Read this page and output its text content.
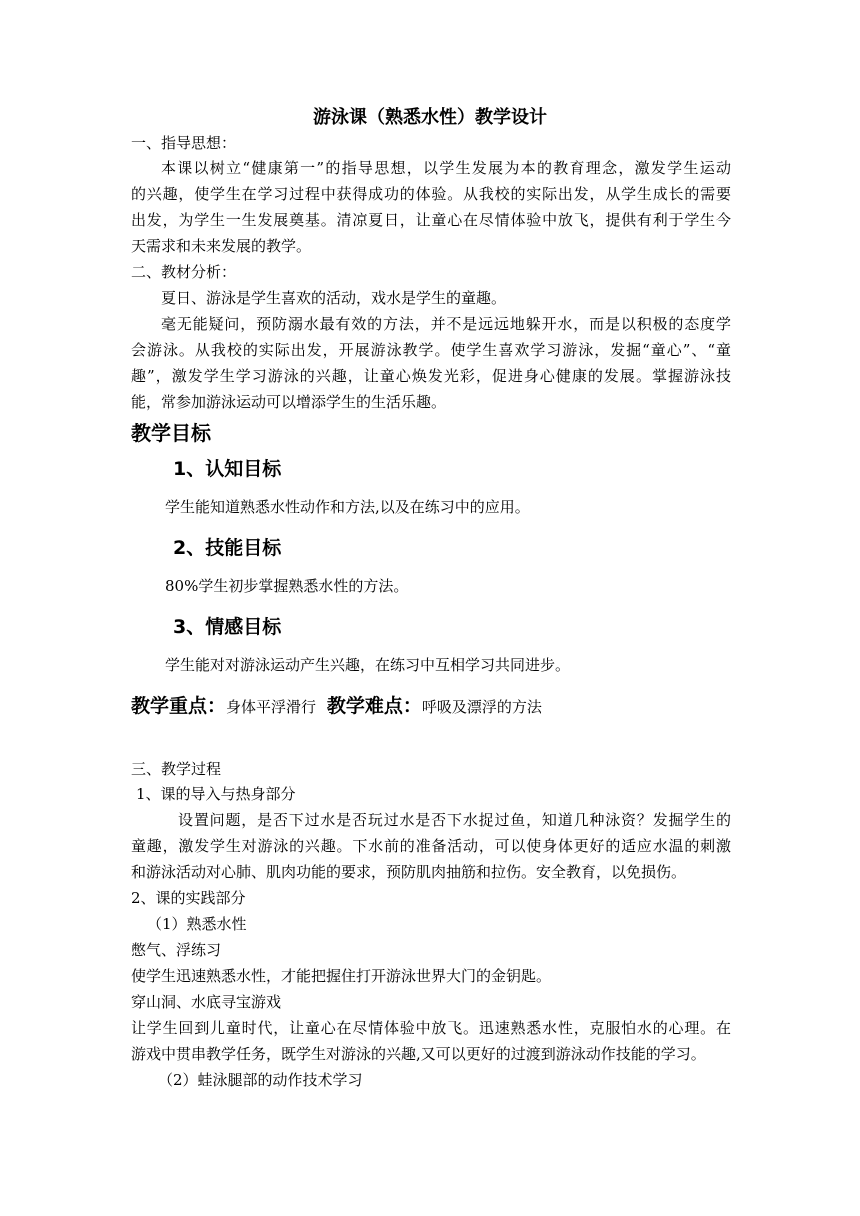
游泳课（熟悉水性）教学设计
一、指导思想：
本课以树立“健康第一”的指导思想，以学生发展为本的教育理念，激发学生运动
的兴趣，使学生在学习过程中获得成功的体验。从我校的实际出发，从学生成长的需要
出发，为学生一生发展奠基。清凉夏日，让童心在尽情体验中放飞，提供有利于学生今
天需求和未来发展的教学。
二、教材分析：
夏日、游泳是学生喜欢的活动，戏水是学生的童趣。
毫无能疑问，预防溺水最有效的方法，并不是远远地躲开水，而是以积极的态度学
会游泳。从我校的实际出发，开展游泳教学。使学生喜欢学习游泳，发掘“童心”、“童
趣”，激发学生学习游泳的兴趣，让童心焕发光彩，促进身心健康的发展。掌握游泳技
能，常参加游泳运动可以增添学生的生活乐趣。
教学目标
1、认知目标
学生能知道熟悉水性动作和方法,以及在练习中的应用。
2、技能目标
80%学生初步掌握熟悉水性的方法。
3、情感目标
学生能对对游泳运动产生兴趣，在练习中互相学习共同进步。
教学重点：身体平浮滑行 教学难点：呼吸及漂浮的方法
三、教学过程
1、课的导入与热身部分
设置问题，是否下过水是否玩过水是否下水捉过鱼，知道几种泳资？发掘学生的
童趣，激发学生对游泳的兴趣。下水前的准备活动，可以使身体更好的适应水温的刺激
和游泳活动对心肺、肌肉功能的要求，预防肌肉抽筋和拉伤。安全教育，以免损伤。
2、课的实践部分
（1）熟悉水性
憋气、浮练习
使学生迅速熟悉水性，才能把握住打开游泳世界大门的金钥匙。
穿山洞、水底寻宝游戏
让学生回到儿童时代，让童心在尽情体验中放飞。迅速熟悉水性，克服怕水的心理。在
游戏中贯串教学任务，既学生对游泳的兴趣,又可以更好的过渡到游泳动作技能的学习。
（2）蛙泳腿部的动作技术学习
